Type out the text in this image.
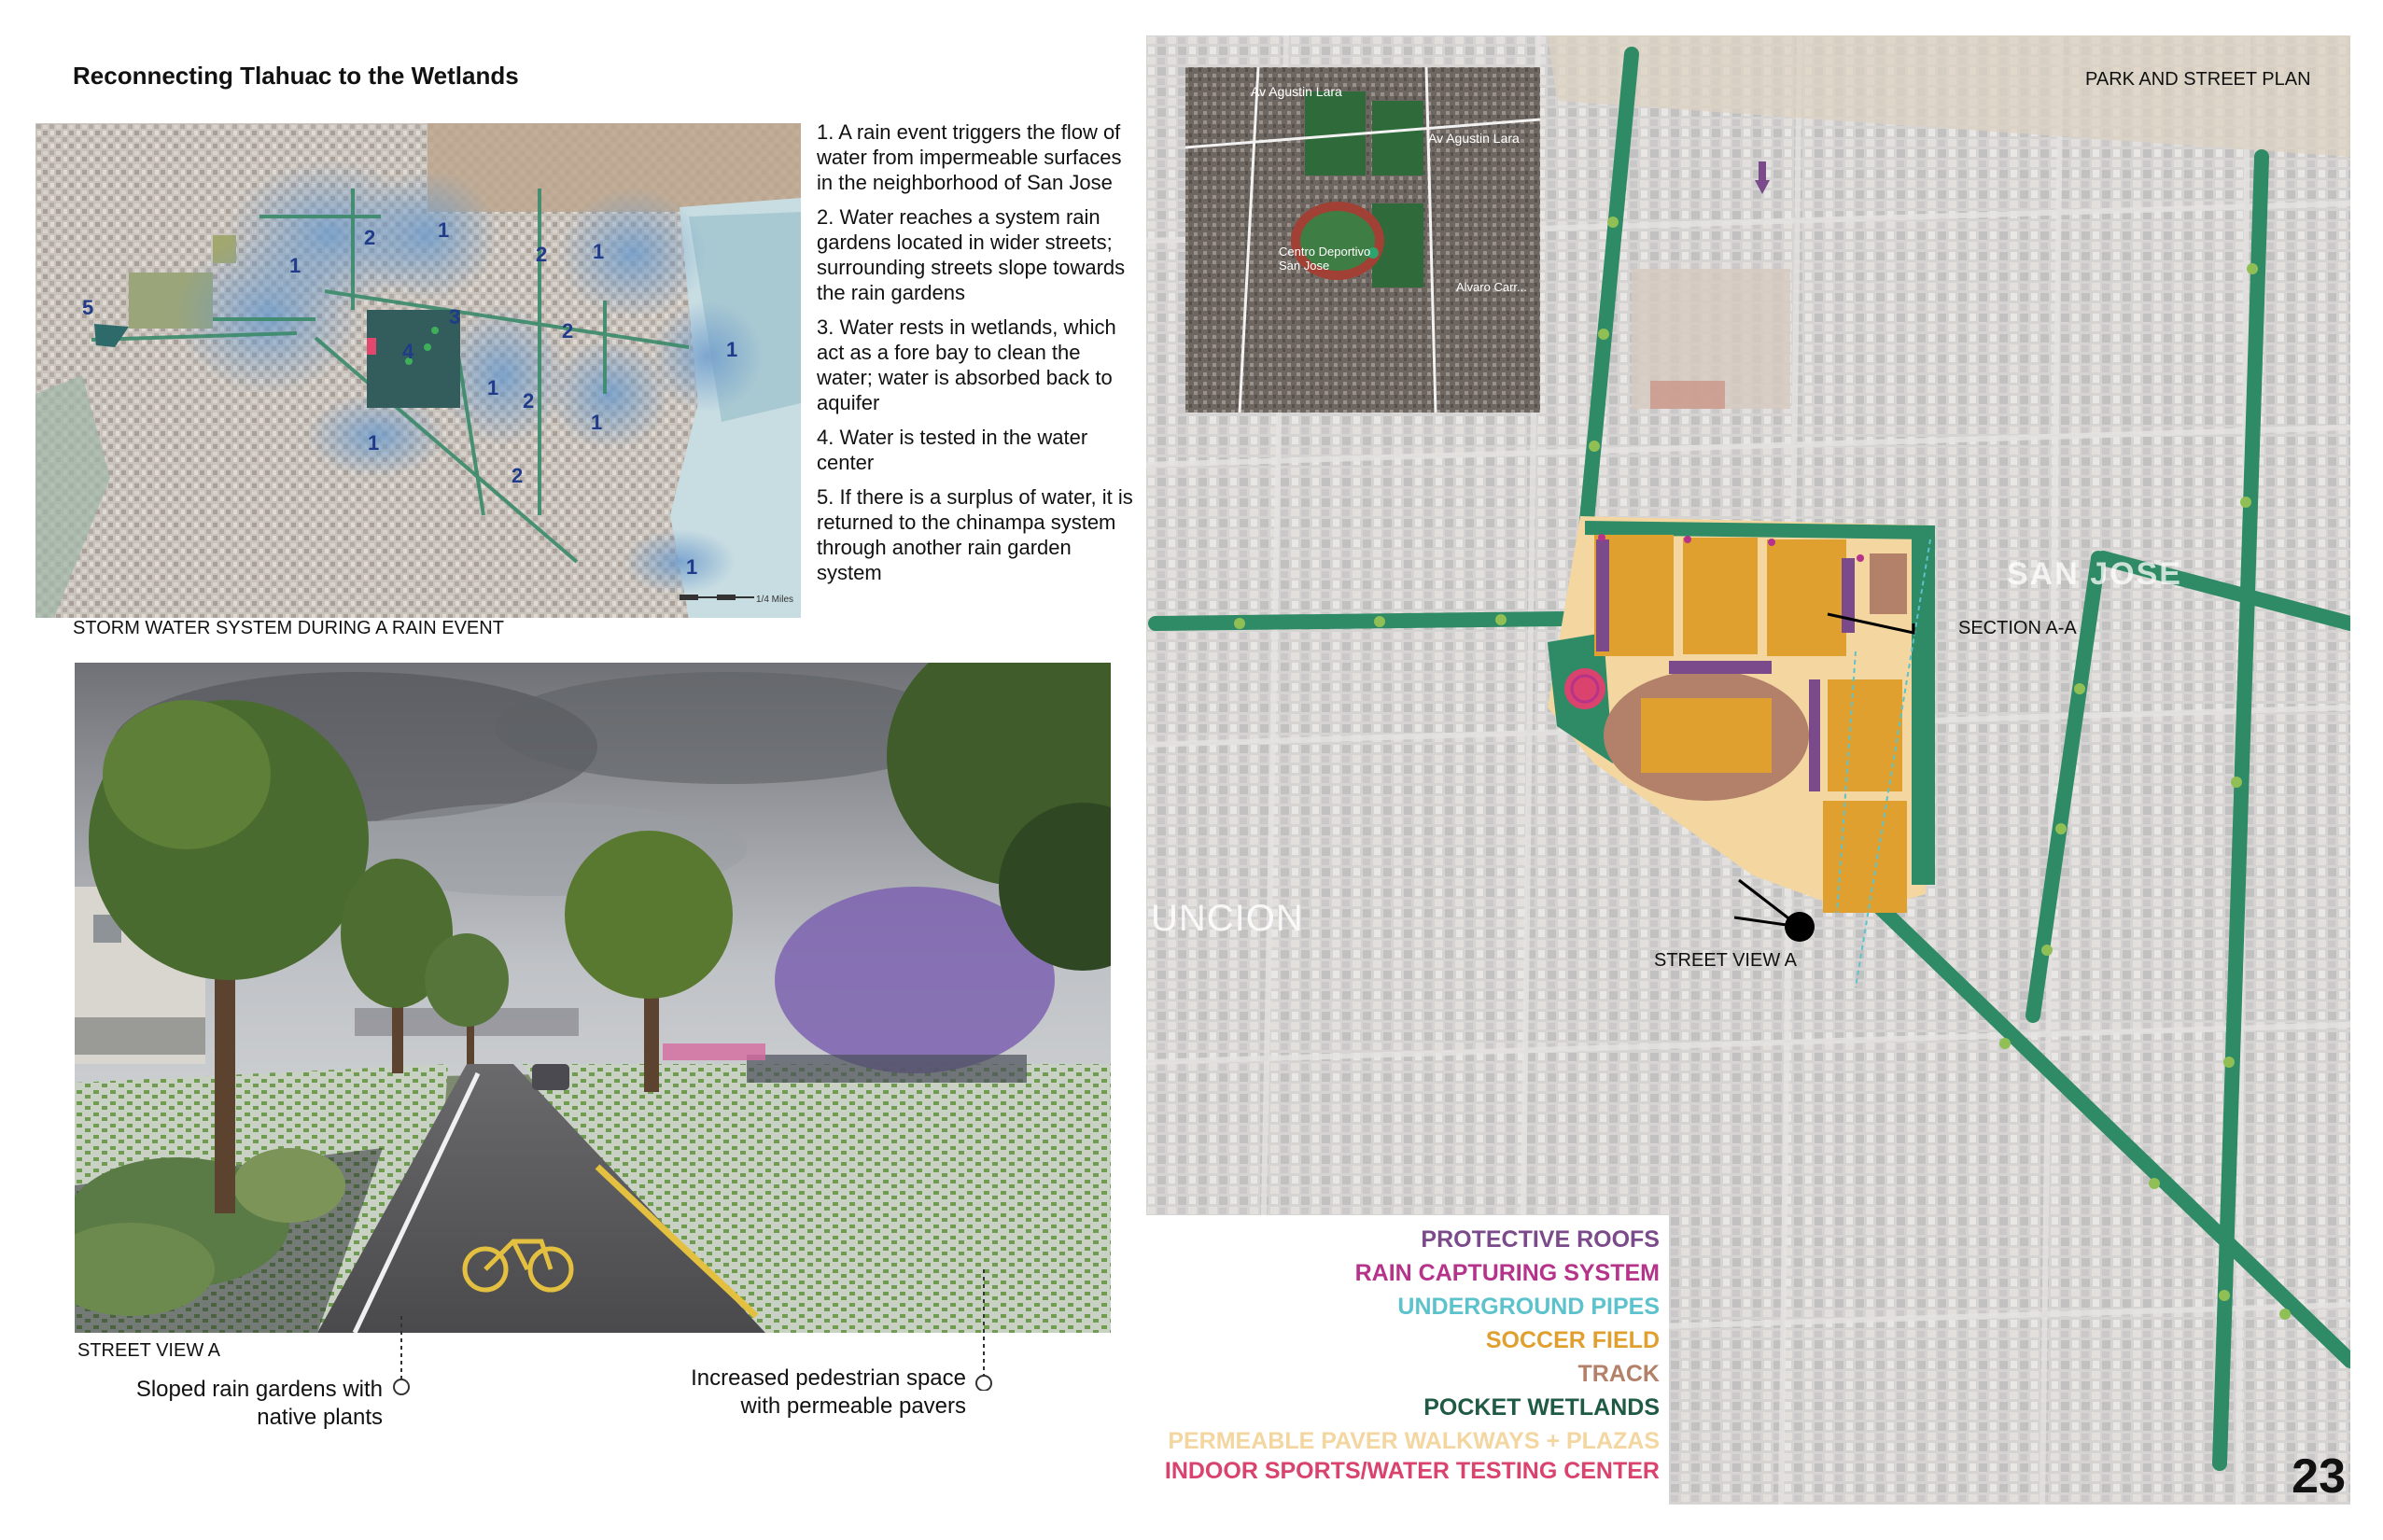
Reconnecting Tlahuac to the Wetlands
1
1
1
1
1
1
1
1
2
2
2
2
2
3
4
5
1/4 Miles
STORM WATER SYSTEM DURING A RAIN EVENT
1. A rain event triggers the flow of water from impermeable surfaces in the neighborhood of San Jose
2. Water reaches a system rain gardens located in wider streets; surrounding streets slope towards the rain gardens
3. Water rests in wetlands, which act as a fore bay to clean the water; water is absorbed back to aquifer
4. Water is tested in the water center
5. If there is a surplus of water, it is returned to the chinampa system through another rain garden system
STREET VIEW A
Sloped rain gardens with
native plants
Increased pedestrian space
with permeable pavers
PARK AND STREET PLAN
SECTION A-A
STREET VIEW A
SAN JOSE
UNCION
Av Agustin Lara
Av Agustin Lara
Centro Deportivo San Jose
Alvaro Carr...
PROTECTIVE ROOFS
RAIN CAPTURING SYSTEM
UNDERGROUND PIPES
SOCCER FIELD
TRACK
POCKET WETLANDS
PERMEABLE PAVER WALKWAYS + PLAZAS
INDOOR SPORTS/WATER TESTING CENTER	23
